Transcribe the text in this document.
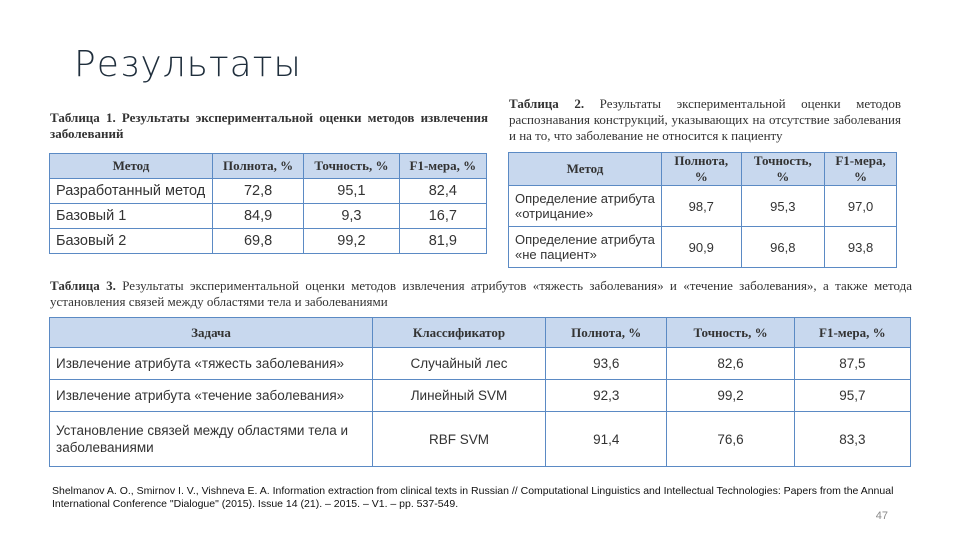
Результаты
Таблица 1. Результаты экспериментальной оценки методов извлечения заболеваний
Метод	Полнота, %	Точность, %	F1-мера, %
Разработанный метод	72,8	95,1	82,4
Базовый 1	84,9	9,3	16,7
Базовый 2	69,8	99,2	81,9
Таблица 2. Результаты экспериментальной оценки методов распознавания конструкций, указывающих на отсутствие заболевания и на то, что заболевание не относится к пациенту
Метод	Полнота, %	Точность, %	F1-мера, %
Определение атрибута «отрицание»	98,7	95,3	97,0
Определение атрибута «не пациент»	90,9	96,8	93,8
Таблица 3. Результаты экспериментальной оценки методов извлечения атрибутов «тяжесть заболевания» и «течение заболевания», а также метода установления связей между областями тела и заболеваниями
Задача	Классификатор	Полнота, %	Точность, %	F1-мера, %
Извлечение атрибута «тяжесть заболевания»	Случайный лес	93,6	82,6	87,5
Извлечение атрибута «течение заболевания»	Линейный SVM	92,3	99,2	95,7
Установление связей между областями тела и заболеваниями	RBF SVM	91,4	76,6	83,3
Shelmanov A. O., Smirnov I. V., Vishneva E. A. Information extraction from clinical texts in Russian // Computational Linguistics and Intellectual Technologies: Papers from the Annual International Conference "Dialogue" (2015). Issue 14 (21). – 2015. – V1. – pp. 537-549.
47
